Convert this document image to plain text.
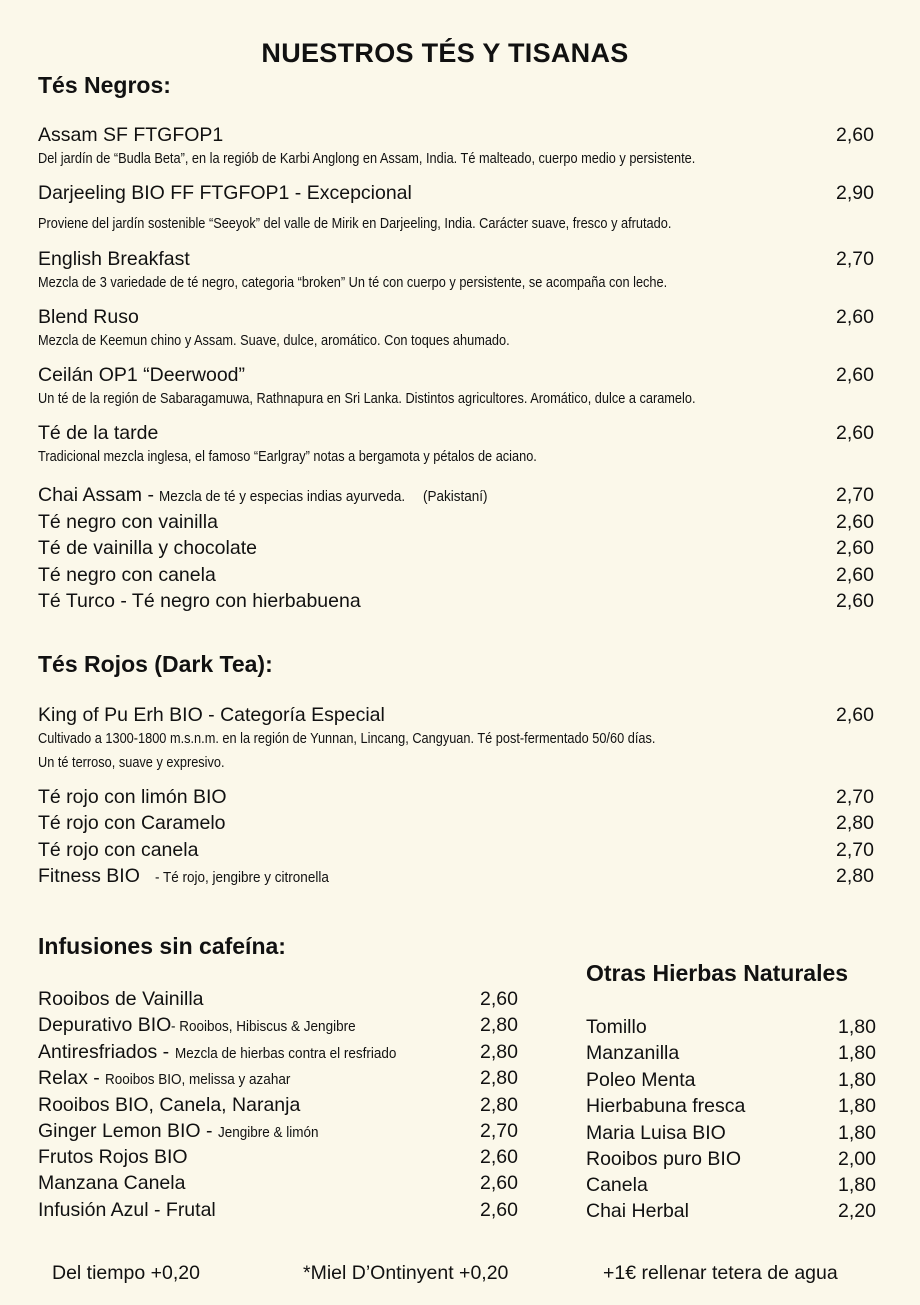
NUESTROS TÉS Y TISANAS
Tés Negros:
Assam SF FTGFOP1	2,60
Del jardín de “Budla Beta”, en la regiób de Karbi Anglong en Assam, India. Té malteado, cuerpo medio y persistente.
Darjeeling BIO FF FTGFOP1 - Excepcional	2,90
Proviene del jardín sostenible “Seeyok” del valle de Mirik en Darjeeling, India. Carácter suave, fresco y afrutado.
English Breakfast	2,70
Mezcla de 3 variedade de té negro, categoria “broken” Un té con cuerpo y persistente, se acompaña con leche.
Blend Ruso	2,60
Mezcla de Keemun chino y Assam. Suave, dulce, aromático. Con toques ahumado.
Ceilán OP1 “Deerwood”	2,60
Un té de la región de Sabaragamuwa, Rathnapura en Sri Lanka. Distintos agricultores. Aromático, dulce a caramelo.
Té de la tarde	2,60
Tradicional mezcla inglesa, el famoso “Earlgray” notas a bergamota y pétalos de aciano.
Chai Assam - Mezcla de té y especias indias ayurveda. (Pakistaní)	2,70
Té negro con vainilla	2,60
Té de vainilla y chocolate	2,60
Té negro con canela	2,60
Té Turco - Té negro con hierbabuena	2,60
Tés Rojos (Dark Tea):
King of Pu Erh BIO - Categoría Especial	2,60
Cultivado a 1300-1800 m.s.n.m. en la región de Yunnan, Lincang, Cangyuan. Té post-fermentado 50/60 días.
Un té terroso, suave y expresivo.
Té rojo con limón BIO	2,70
Té rojo con Caramelo	2,80
Té rojo con canela	2,70
Fitness BIO - Té rojo, jengibre y citronella	2,80
Infusiones sin cafeína:
Rooibos de Vainilla	2,60
Depurativo BIO- Rooibos, Hibiscus & Jengibre	2,80
Antiresfriados - Mezcla de hierbas contra el resfriado	2,80
Relax - Rooibos BIO, melissa y azahar	2,80
Rooibos BIO, Canela, Naranja	2,80
Ginger Lemon BIO - Jengibre & limón	2,70
Frutos Rojos BIO	2,60
Manzana Canela	2,60
Infusión Azul - Frutal	2,60
Otras Hierbas Naturales
Tomillo	1,80
Manzanilla	1,80
Poleo Menta	1,80
Hierbabuna fresca	1,80
Maria Luisa BIO	1,80
Rooibos puro BIO	2,00
Canela	1,80
Chai Herbal	2,20
Del tiempo +0,20	*Miel D’Ontinyent +0,20	+1€ rellenar tetera de agua
